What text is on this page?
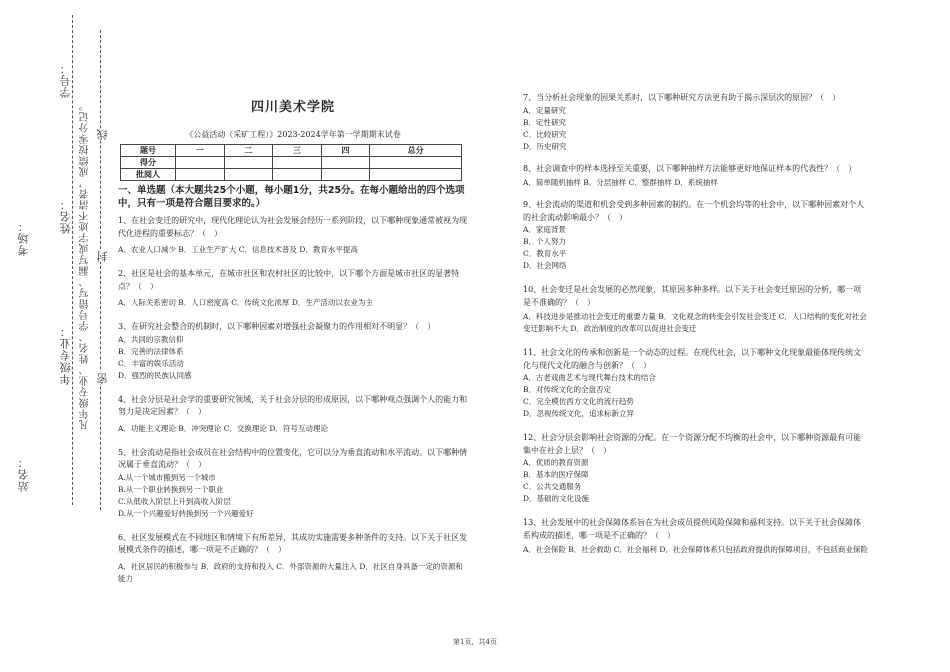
学号：
姓名：
年级专业：
考场：
站名：
凡年级专业、姓名、学号错写、漏写或字迹不清者，成绩按零分记。 密
封
线
四川美术学院
《公益活动（采矿工程）》2023-2024学年第一学期期末试卷
题号	一	二	三	四	总分
得分					
批阅人					
一、单选题（本大题共25个小题，每小题1分，共25分。在每小题给出的四个选项中，只有一项是符合题目要求的。）
1、在社会变迁的研究中，现代化理论认为社会发展会经历一系列阶段，以下哪种现象通常被视为现代化进程的重要标志？（　）
A．农业人口减少 B．工业生产扩大 C．信息技术普及 D．教育水平提高
2、社区是社会的基本单元，在城市社区和农村社区的比较中，以下哪个方面是城市社区的显著特点？（　）
A．人际关系密切 B．人口密度高 C．传统文化浓厚 D．生产活动以农业为主
3、在研究社会整合的机制时，以下哪种因素对增强社会凝聚力的作用相对不明显？（　）
A．共同的宗教信仰
B．完善的法律体系
C．丰富的娱乐活动
D．强烈的民族认同感
4、社会分层是社会学的重要研究领域，关于社会分层的形成原因，以下哪种观点强调个人的能力和努力是决定因素？（　）
A．功能主义理论 B．冲突理论 C．交换理论 D．符号互动理论
5、社会流动是指社会成员在社会结构中的位置变化，它可以分为垂直流动和水平流动。以下哪种情况属于垂直流动？（　）
A.从一个城市搬到另一个城市
B.从一个职业转换到另一个职业
C.从低收入阶层上升到高收入阶层
D.从一个兴趣爱好转换到另一个兴趣爱好
6、社区发展模式在不同地区和情境下有所差异，其成功实施需要多种条件的支持。以下关于社区发展模式条件的描述，哪一项是不正确的？（　）
A．社区居民的积极参与 B．政府的支持和投入 C．外部资源的大量注入 D．社区自身具备一定的资源和能力
7、当分析社会现象的因果关系时，以下哪种研究方法更有助于揭示深层次的原因？（　）
A．定量研究
B．定性研究
C．比较研究
D．历史研究
8、社会调查中的样本选择至关重要，以下哪种抽样方法能够更好地保证样本的代表性？（　）
A．简单随机抽样 B．分层抽样 C．整群抽样 D．系统抽样
9、社会流动的渠道和机会受到多种因素的制约。在一个机会均等的社会中，以下哪种因素对个人的社会流动影响最小？（　）
A．家庭背景
B．个人努力
C．教育水平
D．社会网络
10、社会变迁是社会发展的必然现象，其原因多种多样。以下关于社会变迁原因的分析，哪一项是不准确的？（　）
A．科技进步是推动社会变迁的重要力量 B．文化观念的转变会引发社会变迁 C．人口结构的变化对社会变迁影响不大 D．政治制度的改革可以促进社会变迁
11、社会文化的传承和创新是一个动态的过程。在现代社会，以下哪种文化现象最能体现传统文化与现代文化的融合与创新？（　）
A．古老戏曲艺术与现代舞台技术的结合
B．对传统文化的全盘否定
C．完全模仿西方文化的流行趋势
D．忽视传统文化，追求标新立异
12、社会分层会影响社会资源的分配。在一个资源分配不均衡的社会中，以下哪种资源最有可能集中在社会上层？（　）
A．优质的教育资源
B．基本的医疗保障
C．公共交通服务
D．基础的文化设施
13、社会发展中的社会保障体系旨在为社会成员提供风险保障和福利支持。以下关于社会保障体系构成的描述，哪一项是不正确的？（　）
A．社会保险 B．社会救助 C．社会福利 D．社会保障体系只包括政府提供的保障项目，不包括商业保险
第1页，共4页
